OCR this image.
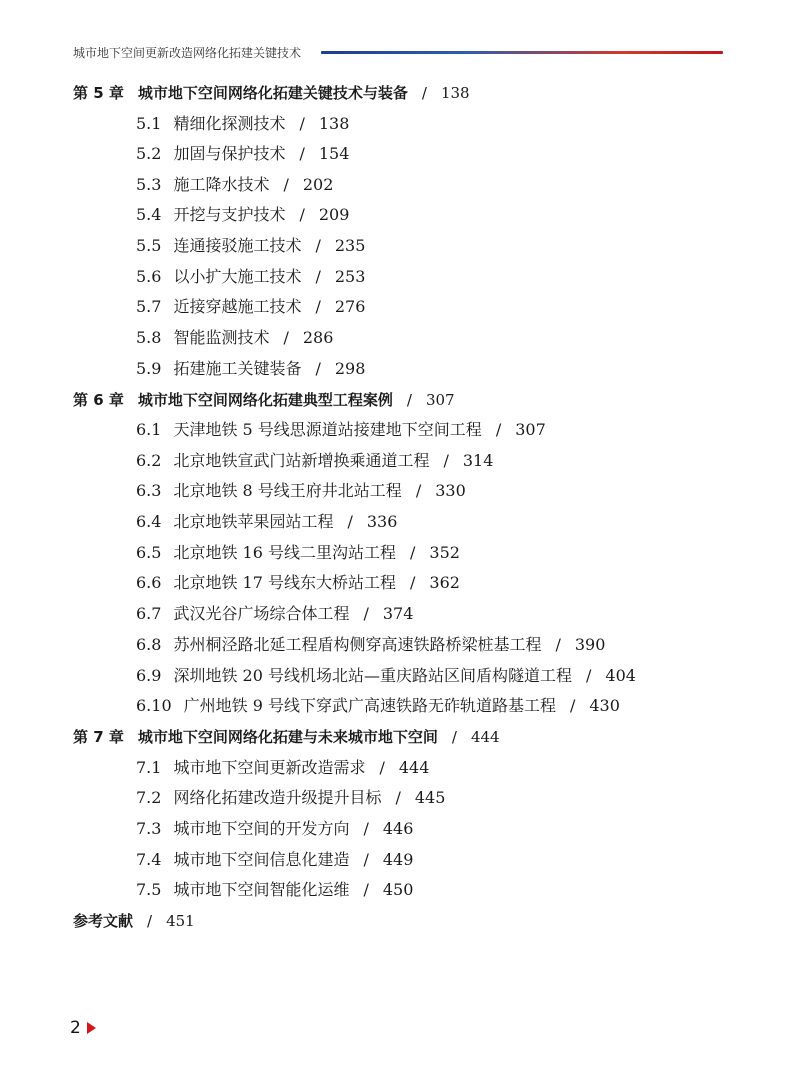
城市地下空间更新改造网络化拓建关键技术
第 5 章 城市地下空间网络化拓建关键技术与装备 / 138
5.1 精细化探测技术 / 138
5.2 加固与保护技术 / 154
5.3 施工降水技术 / 202
5.4 开挖与支护技术 / 209
5.5 连通接驳施工技术 / 235
5.6 以小扩大施工技术 / 253
5.7 近接穿越施工技术 / 276
5.8 智能监测技术 / 286
5.9 拓建施工关键装备 / 298
第 6 章 城市地下空间网络化拓建典型工程案例 / 307
6.1 天津地铁 5 号线思源道站接建地下空间工程 / 307
6.2 北京地铁宣武门站新增换乘通道工程 / 314
6.3 北京地铁 8 号线王府井北站工程 / 330
6.4 北京地铁苹果园站工程 / 336
6.5 北京地铁 16 号线二里沟站工程 / 352
6.6 北京地铁 17 号线东大桥站工程 / 362
6.7 武汉光谷广场综合体工程 / 374
6.8 苏州桐泾路北延工程盾构侧穿高速铁路桥梁桩基工程 / 390
6.9 深圳地铁 20 号线机场北站—重庆路站区间盾构隧道工程 / 404
6.10 广州地铁 9 号线下穿武广高速铁路无砟轨道路基工程 / 430
第 7 章 城市地下空间网络化拓建与未来城市地下空间 / 444
7.1 城市地下空间更新改造需求 / 444
7.2 网络化拓建改造升级提升目标 / 445
7.3 城市地下空间的开发方向 / 446
7.4 城市地下空间信息化建造 / 449
7.5 城市地下空间智能化运维 / 450
参考文献 / 451
2
